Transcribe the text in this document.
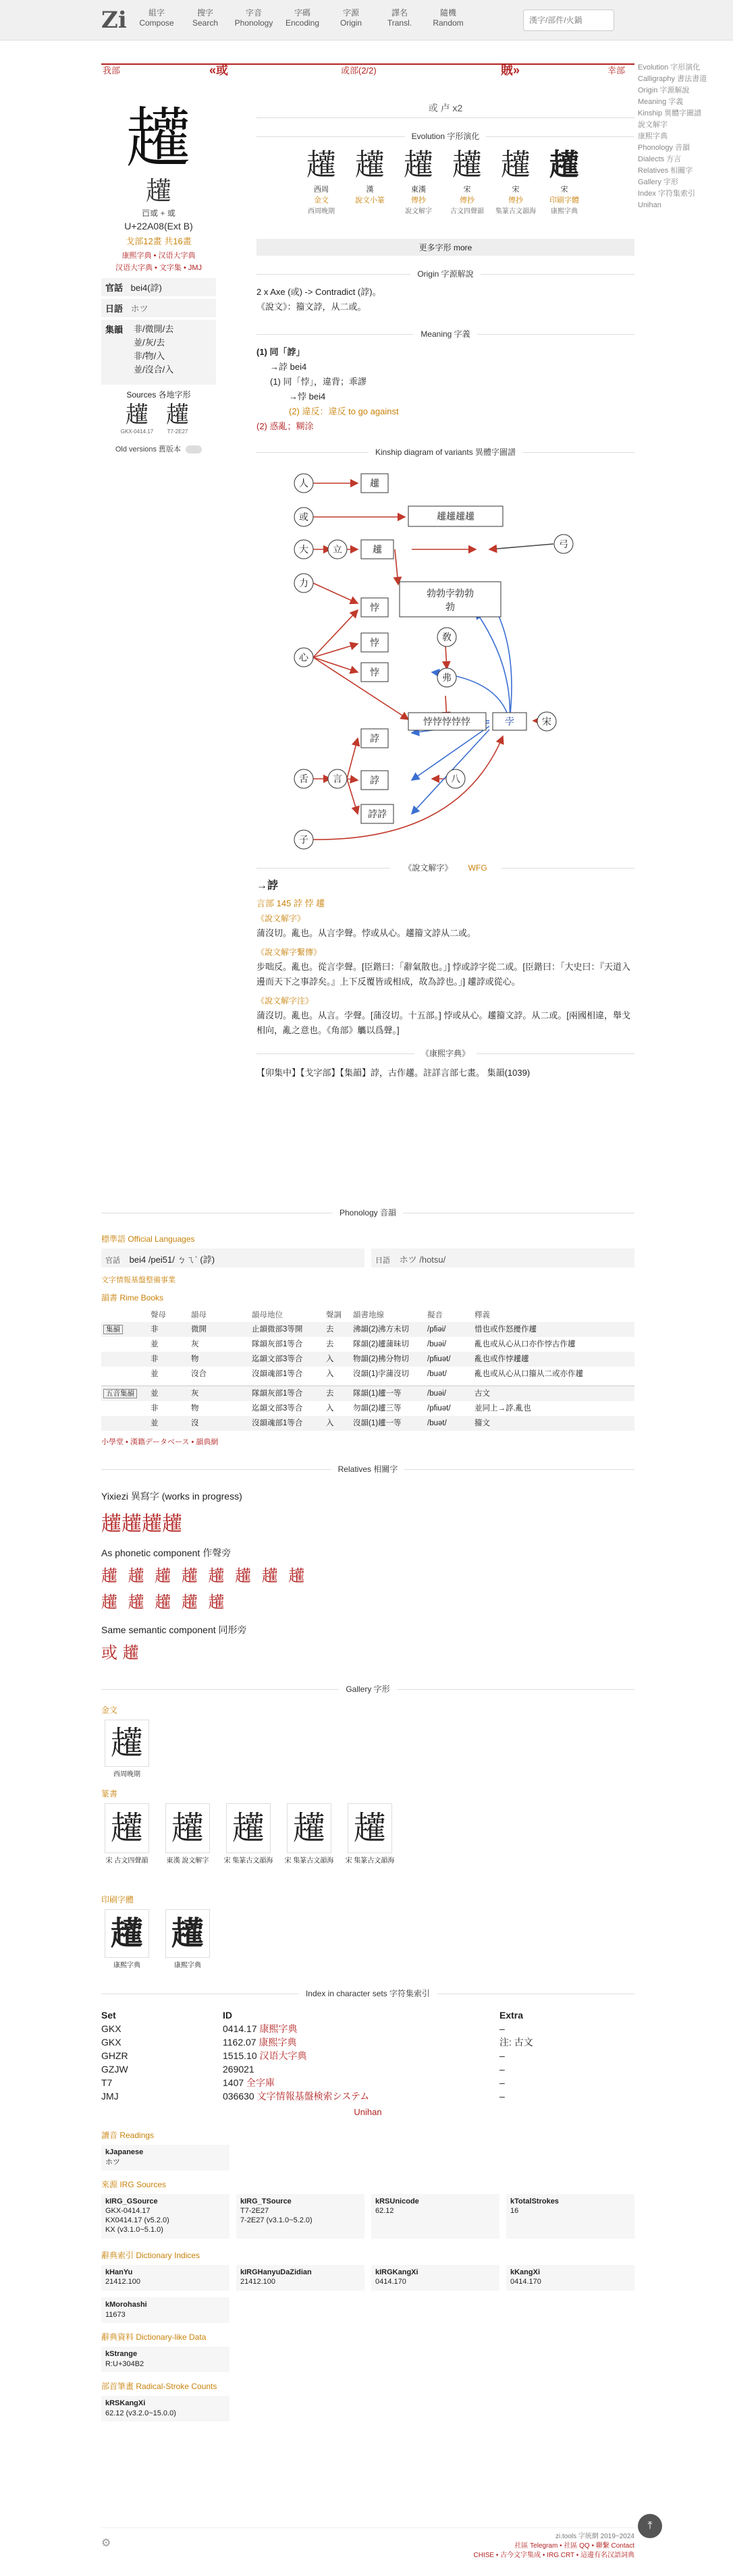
Zi	組字
Compose
搜字
Search
字音
Phonology
字碼
Encoding
字源
Origin
譯名
Transl.
隨機
Random
漢字/部件/火鍋
Evolution 字形演化
Calligraphy 書法書道
Origin 字源解說
Meaning 字義
Kinship 異體字圖譜
說文解字
康熙字典
Phonology 音韻
Dialects 方言
Relatives 相關字
Gallery 字形
Index 字符集索引
Unihan
我部	«或	或部(2/2)	賊»	幸部
䟒
䟒
𠮛或 + 或
U+22A08(Ext B)
戈部12畫 共16畫
康熙字典 • 汉语大字典
汉语大字典 • 文字集 • JMJ
官話 bei4(誖)
日語 ホツ
集韻 非/微開/去
並/灰/去
非/物/入
並/沒合/入
Sources 各地字形
䟒
GKX-0414.17
䟒
T7-2E27
Old versions 舊版本
或 卢 x2
Evolution 字形演化
䟒
西周
金文
西周晚期
䟒
漢
說文小篆
䟒
東漢
傳抄
說文解字
䟒
宋
傳抄
古文四聲韻
䟒
宋
傳抄
集篆古文韻海
䟒
宋
印刷字體
康熙字典
更多字形 more
Origin 字源解說
2 x Axe (或) -> Contradict (誖)。
《說文》：籀文誖，从二或。
Meaning 字義
(1) 同「誖」
→誖 bei4
(1) 同「悖」，違背；乖謬
→悖 bei4
(2) 違反：違反 to go against
(2) 惑亂；糊涂
Kinship diagram of variants 異體字圖譜
人
或
大	立
力
心
舌	言
子
弓
八
孛	宋
䟒
䟒䟒䟒䟒
䟒
勃勃孛勃勃
勃
悖
悖
悖
敎
弗
悖悖悖悖悖
誖
誖
誖誖
《說文解字》 WFG
→誖
言部 145 誖 悖 䟒
《說文解字》
蒲沒切。亂也。从言孛聲。悖或从心。䟒籀文誖从二或。
《說文解字繫傳》
步咄反。亂也。從言孛聲。[臣鍇曰：「辭氣散也。」] 悖或誖字從二或。[臣鍇曰：「大史曰：『天道入邊而天下之事誖矣。』上下反覆皆或相成，故為誖也。」] 䟒誖或從心。
《說文解字注》
蒲沒切。亂也。从言。孛聲。[蒲沒切。十五部。] 悖或从心。䟒籀文誖。从二或。[兩國相違，舉戈相向，亂之意也。《角部》觿以爲聲。]
《康熙字典》
【卯集中】【戈字部】【集韻】誖，古作䟒。註詳言部七畫。 集韻(1039)
Phonology 音韻
標準語 Official Languages
官話 bei4 /pei51/ ㄅㄟˋ (誖)	日語 ホツ /hotsu/
文字情報基盤整備事業
韻書 Rime Books
	聲母	韻母	韻母地位	聲調	韻書地線	擬音	釋義
集韻	非	微開	止韻微部3等開	去	沸韻(2)沸方未切	/pfiəi/	惜也或作怒擾作䟒
並	灰	隊韻灰部1等合	去	隊韻(2)䟒蒲昧切	/buəi/	亂也或从心从口亦作悖古作䟒
非	物	迄韻文部3等合	入	物韻(2)拂分物切	/pfiuət/	亂也或作悖䟒䟒
並	沒合	沒韻魂部1等合	入	沒韻(1)孛蒲沒切	/buət/	亂也或从心从口籀从二或亦作䟒
五音集韻	並	灰	隊韻灰部1等合	去	隊韻(1)䟒一等	/buəi/	古文
非	物	迄韻文部3等合	入	勿韻(2)䟒三等	/pfiuət/	並同上→誖.亂也
並	沒	沒韻魂部1等合	入	沒韻(1)䟒一等	/buət/	籀文
小學堂 • 漢籍データベース • 韻典網
Relatives 相關字
Yixiezi 異寫字 (works in progress)
䟒䟒䟒䟒
As phonetic component 作聲旁
䟒 䟒 䟒 䟒 䟒 䟒 䟒 䟒
䟒 䟒 䟒 䟒 䟒
Same semantic component 同形旁
或 䟒
Gallery 字形
金文
䟒
西周晚期
篆書
䟒
宋 古文四聲韻
䟒
東漢 說文解字
䟒
宋 集篆古文韻海
䟒
宋 集篆古文韻海
䟒
宋 集篆古文韻海
印刷字體
䟒
康熙字典
䟒
康熙字典
Index in character sets 字符集索引
Set	ID	Extra
GKX	0414.17 康熙字典	–
GKX	1162.07 康熙字典	注: 古文
GHZR	1515.10 汉语大字典	–
GZJW	269021	–
T7	1407 全字庫	–
JMJ	036630 文字情報基盤検索システム	–
Unihan
讀音 Readings
kJapanese
ホツ
來源 IRG Sources
kIRG_GSource
GKX-0414.17
KX0414.17 (v5.2.0)
KX (v3.1.0~5.1.0)
kIRG_TSource
T7-2E27
7-2E27 (v3.1.0~5.2.0)
kRSUnicode
62.12
kTotalStrokes
16
辭典索引 Dictionary Indices
kHanYu
21412.100
kIRGHanyuDaZidian
21412.100
kIRGKangXi
0414.170
kKangXi
0414.170
kMorohashi
11673
辭典資料 Dictionary-like Data
kStrange
R:U+304B2
部首筆畫 Radical-Stroke Counts
kRSKangXi
62.12 (v3.2.0~15.0.0)
⚙
zi.tools 字統網 2019~2024
社區 Telegram • 社區 QQ • 聯繫 Contact
CHISE • 古今文字集成 • IRG CRT • 這邊有名汉語詞典
⤒
